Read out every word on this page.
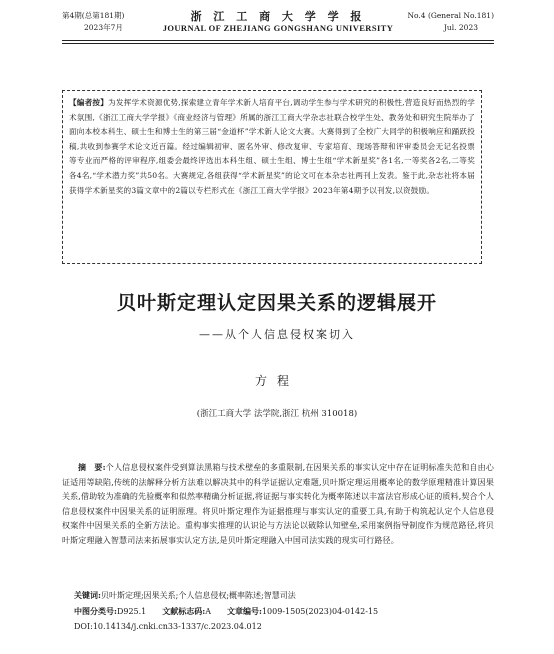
第4期(总第181期)
2023年7月
浙 江 工 商 大 学 学 报
JOURNAL OF ZHEJIANG GONGSHANG UNIVERSITY
No.4 (General No.181)
Jul. 2023
【编者按】为发挥学术资源优势,探索建立青年学术新人培育平台,调动学生参与学术研究的积极性,营造良好而热烈的学术氛围,《浙江工商大学学报》《商业经济与管理》所属的浙江工商大学杂志社联合校学生处、教务处和研究生院举办了面向本校本科生、硕士生和博士生的第三届“金道杯”学术新人论文大赛。大赛得到了全校广大同学的积极响应和踊跃投稿,共收到参赛学术论文近百篇。经过编辑初审、匿名外审、修改复审、专家培育、现场答辩和评审委员会无记名投票等专业而严格的评审程序,组委会最终评选出本科生组、硕士生组、博士生组“学术新星奖”各1名,一等奖各2名,二等奖各4名,“学术潜力奖”共50名。大赛规定,各组获得“学术新星奖”的论文可在本杂志社两刊上发表。鉴于此,杂志社将本届获得学术新星奖的3篇文章中的2篇以专栏形式在《浙江工商大学学报》2023年第4期予以刊发,以资鼓励。
贝叶斯定理认定因果关系的逻辑展开
——从个人信息侵权案切入
方程
(浙江工商大学 法学院,浙江 杭州 310018)
摘　要:个人信息侵权案件受到算法黑箱与技术壁垒的多重限制,在因果关系的事实认定中存在证明标准失范和自由心证适用等缺陷,传统的法解释分析方法难以解决其中的科学证据认定难题,贝叶斯定理运用概率论的数学原理精准计算因果关系,借助较为准确的先验概率和似然率精确分析证据,将证据与事实转化为概率陈述以丰富法官形成心证的质料,契合个人信息侵权案件中因果关系的证明原理。将贝叶斯定理作为证据推理与事实认定的重要工具,有助于构筑起认定个人信息侵权案件中因果关系的全新方法论。重构事实推理的认识论与方法论以破除认知壁垒,采用案例指导制度作为规范路径,将贝叶斯定理融入智慧司法来拓展事实认定方法,是贝叶斯定理融入中国司法实践的现实可行路径。
关键词:贝叶斯定理;因果关系;个人信息侵权;概率陈述;智慧司法
中图分类号:D925.1 文献标志码:A 文章编号:1009-1505(2023)04-0142-15
DOI:10.14134/j.cnki.cn33-1337/c.2023.04.012
